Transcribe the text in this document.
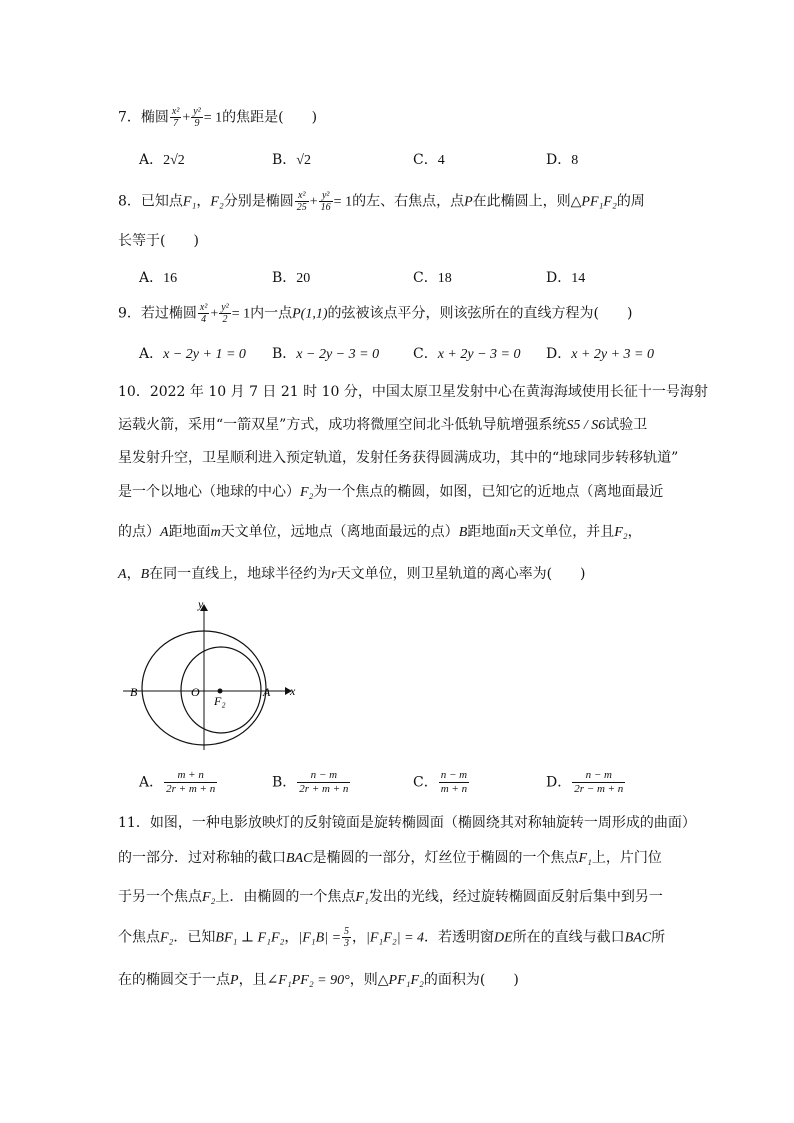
7．椭圆 $\frac{\text{x²}}{7} + \frac{\text{y²}}{9} = 1$的焦距是(　　)
A．2√2	B．√2	C．4	D．8
8．已知点F₁，F₂分别是椭圆 $\frac{\text{x²}}{25} + \frac{\text{y²}}{16} = 1$的左、右焦点，点P在此椭圆上，则△PF₁F₂的周
长等于(　　)
A．16	B．20	C．18	D．14
9．若过椭圆 $\frac{\text{x²}}{4} + \frac{\text{y²}}{2} = 1$内一点P(1,1)的弦被该点平分，则该弦所在的直线方程为(　　)
A．x − 2y + 1 = 0 B．x − 2y − 3 = 0 C．x + 2y − 3 = 0 D．x + 2y + 3 = 0
10．2022 年 10 月 7 日 21 时 10 分，中国太原卫星发射中心在黄海海域使用长征十一号海射
运载火箭，采用“一箭双星”方式，成功将微厘空间北斗低轨导航增强系统S5 / S6试验卫
星发射升空，卫星顺利进入预定轨道，发射任务获得圆满成功，其中的“地球同步转移轨道”
是一个以地心（地球的中心）F₂为一个焦点的椭圆，如图，已知它的近地点（离地面最近
的点）A距地面m天文单位，远地点（离地面最远的点）B距地面n天文单位，并且F₂，
A，B在同一直线上，地球半径约为r天文单位，则卫星轨道的离心率为(　　)
y
x
O
B	A
F₂
A． $\frac{m + n}{2r + m + n}$	B． $\frac{n - m}{2r + m + n}$	C． $\frac{n - m}{m + n}$	D． $\frac{n - m}{2r - m + n}$
11．如图，一种电影放映灯的反射镜面是旋转椭圆面（椭圆绕其对称轴旋转一周形成的曲面）
的一部分．过对称轴的截口BAC是椭圆的一部分，灯丝位于椭圆的一个焦点F₁上，片门位
于另一个焦点F₂上．由椭圆的一个焦点F₁发出的光线，经过旋转椭圆面反射后集中到另一
个焦点F₂．已知BF₁ ⊥ F₁F₂，$|F_1B| = \frac{5}{3}$ ，|F₁F₂| = 4．若透明窗DE所在的直线与截口BAC所
在的椭圆交于一点P，且∠F₁PF₂ = 90°，则△PF₁F₂的面积为(　　)
